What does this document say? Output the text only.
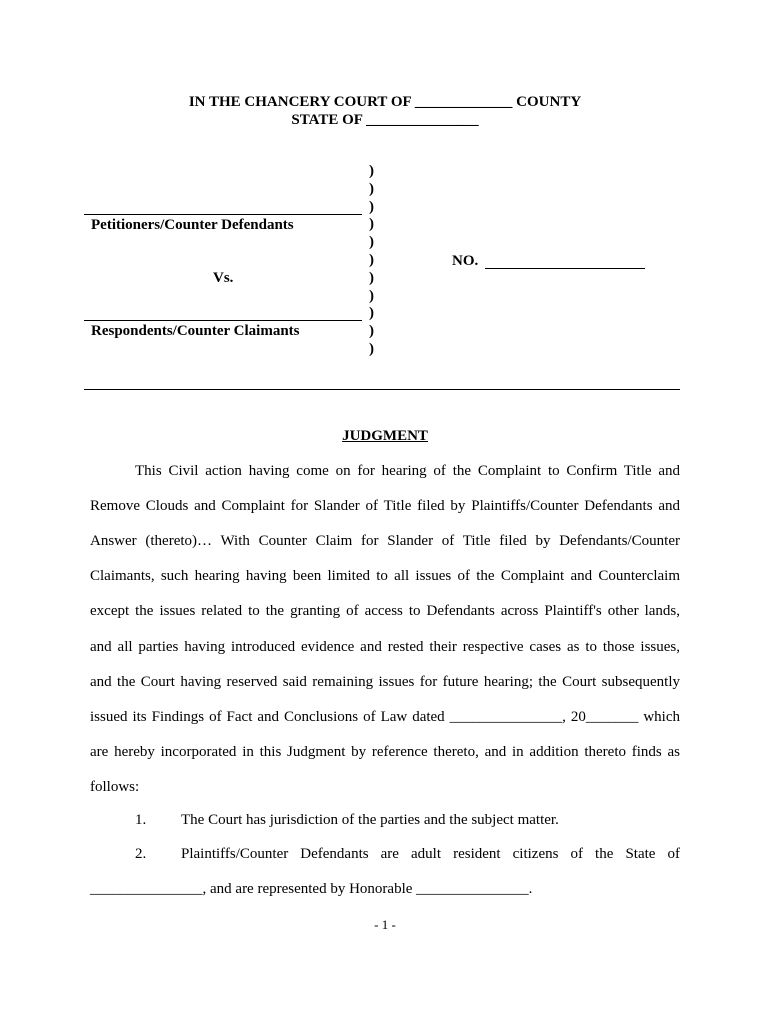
IN THE CHANCERY COURT OF _____________ COUNTY
STATE OF _______________
)
)
)
)
)
)
)
)
)
)
)
Petitioners/Counter Defendants
Vs.
Respondents/Counter Claimants
NO.
JUDGMENT
This Civil action having come on for hearing of the Complaint to Confirm Title and
Remove Clouds and Complaint for Slander of Title filed by Plaintiffs/Counter Defendants and
Answer (thereto)… With Counter Claim for Slander of Title filed by Defendants/Counter
Claimants, such hearing having been limited to all issues of the Complaint and Counterclaim
except the issues related to the granting of access to Defendants across Plaintiff's other lands,
and all parties having introduced evidence and rested their respective cases as to those issues,
and the Court having reserved said remaining issues for future hearing; the Court subsequently
issued its Findings of Fact and Conclusions of Law dated _______________, 20_______ which
are hereby incorporated in this Judgment by reference thereto, and in addition thereto finds as
follows:
1. The Court has jurisdiction of the parties and the subject matter.
2. Plaintiffs/Counter Defendants are adult resident citizens of the State of
_______________, and are represented by Honorable _______________.
- 1 -
